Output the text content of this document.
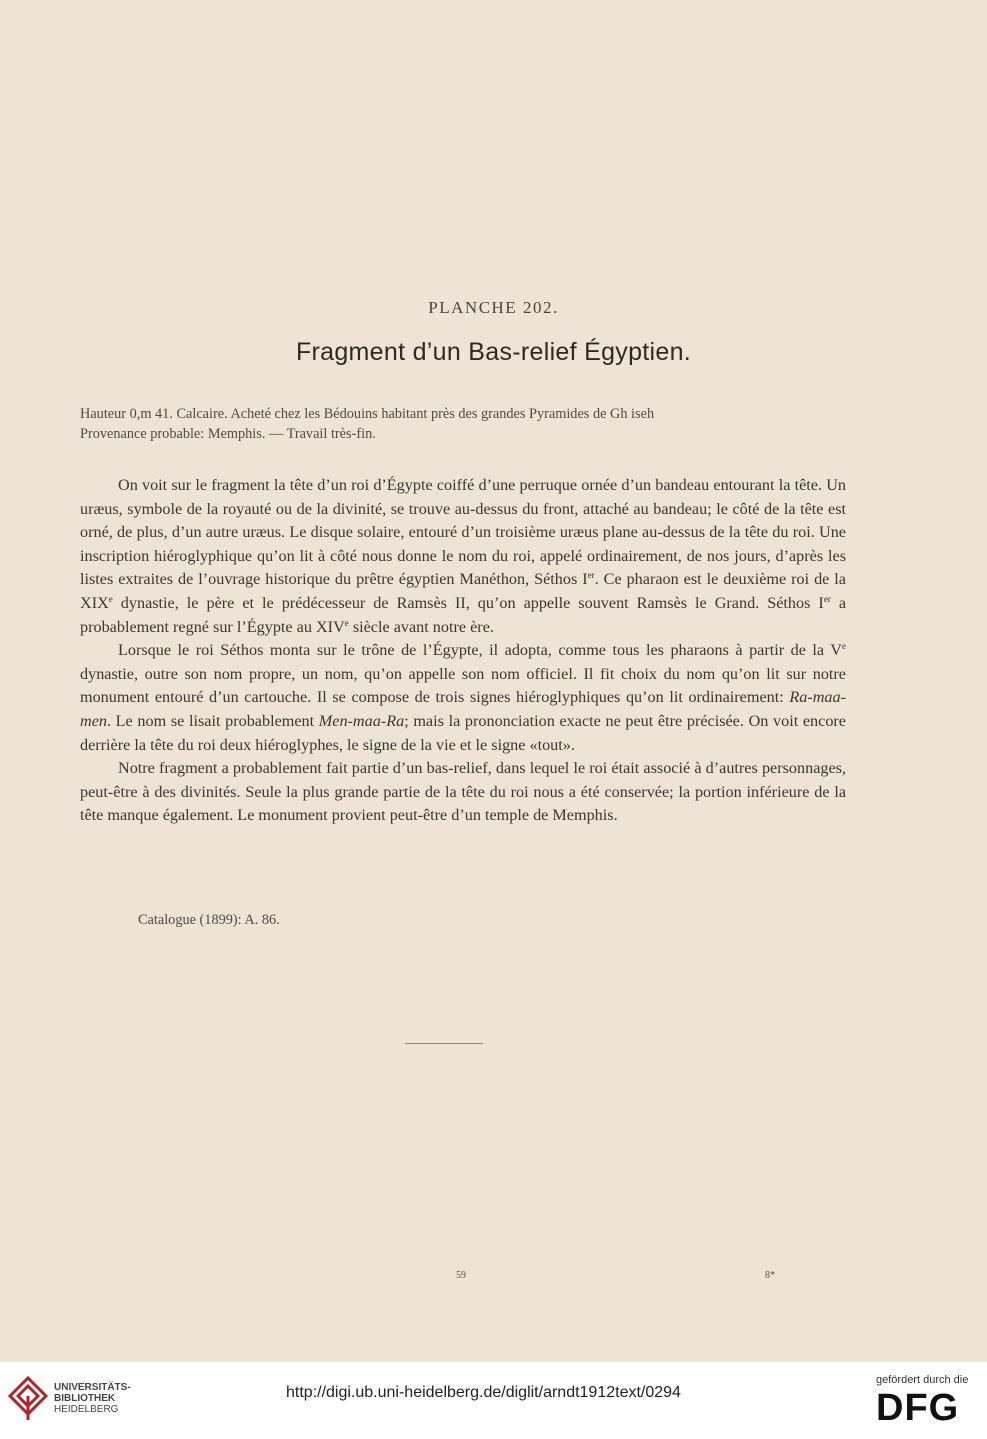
PLANCHE 202.
Fragment d’un Bas-relief Égyptien.

Hauteur 0,m 41. Calcaire. Acheté chez les Bédouins habitant près des grandes Pyramides de Gh iseh

Provenance probable: Memphis. — Travail très-fin.

On voit sur le fragment la tête d’un roi d’Égypte coiffé d’une perruque ornée d’un bandeau entourant la tête. Un uræus, symbole de la royauté ou de la divinité, se trouve au-dessus du front, attaché au bandeau; le côté de la tête est orné, de plus, d’un autre uræus. Le disque solaire, entouré d’un troisième uræus plane au-dessus de la tête du roi. Une inscription hiéroglyphique qu’on lit à côté nous donne le nom du roi, appelé ordinairement, de nos jours, d’après les listes extraites de l’ouvrage historique du prêtre égyptien Manéthon, Séthos Ier. Ce pharaon est le deuxième roi de la XIXe dynastie, le père et le prédécesseur de Ramsès II, qu’on appelle souvent Ramsès le Grand. Séthos Ier a probablement regné sur l’Égypte au XIVe siècle avant notre ère.

Lorsque le roi Séthos monta sur le trône de l’Égypte, il adopta, comme tous les pharaons à partir de la Ve dynastie, outre son nom propre, un nom, qu’on appelle son nom officiel. Il fit choix du nom qu’on lit sur notre monument entouré d’un cartouche. Il se compose de trois signes hiéroglyphiques qu’on lit ordinairement: Ra-maa-men. Le nom se lisait probablement Men-maa-Ra; mais la prononciation exacte ne peut être précisée. On voit encore derrière la tête du roi deux hiéroglyphes, le signe de la vie et le signe «tout».

Notre fragment a probablement fait partie d’un bas-relief, dans lequel le roi était associé à d’autres personnages, peut-être à des divinités. Seule la plus grande partie de la tête du roi nous a été conservée; la portion inférieure de la tête manque également. Le monument provient peut-être d’un temple de Memphis.

Catalogue (1899): A. 86.
59	8*
UNIVERSITÄTS-
BIBLIOTHEK
HEIDELBERG
http://digi.ub.uni-heidelberg.de/diglit/arndt1912text/0294
gefördert durch die
DFG
